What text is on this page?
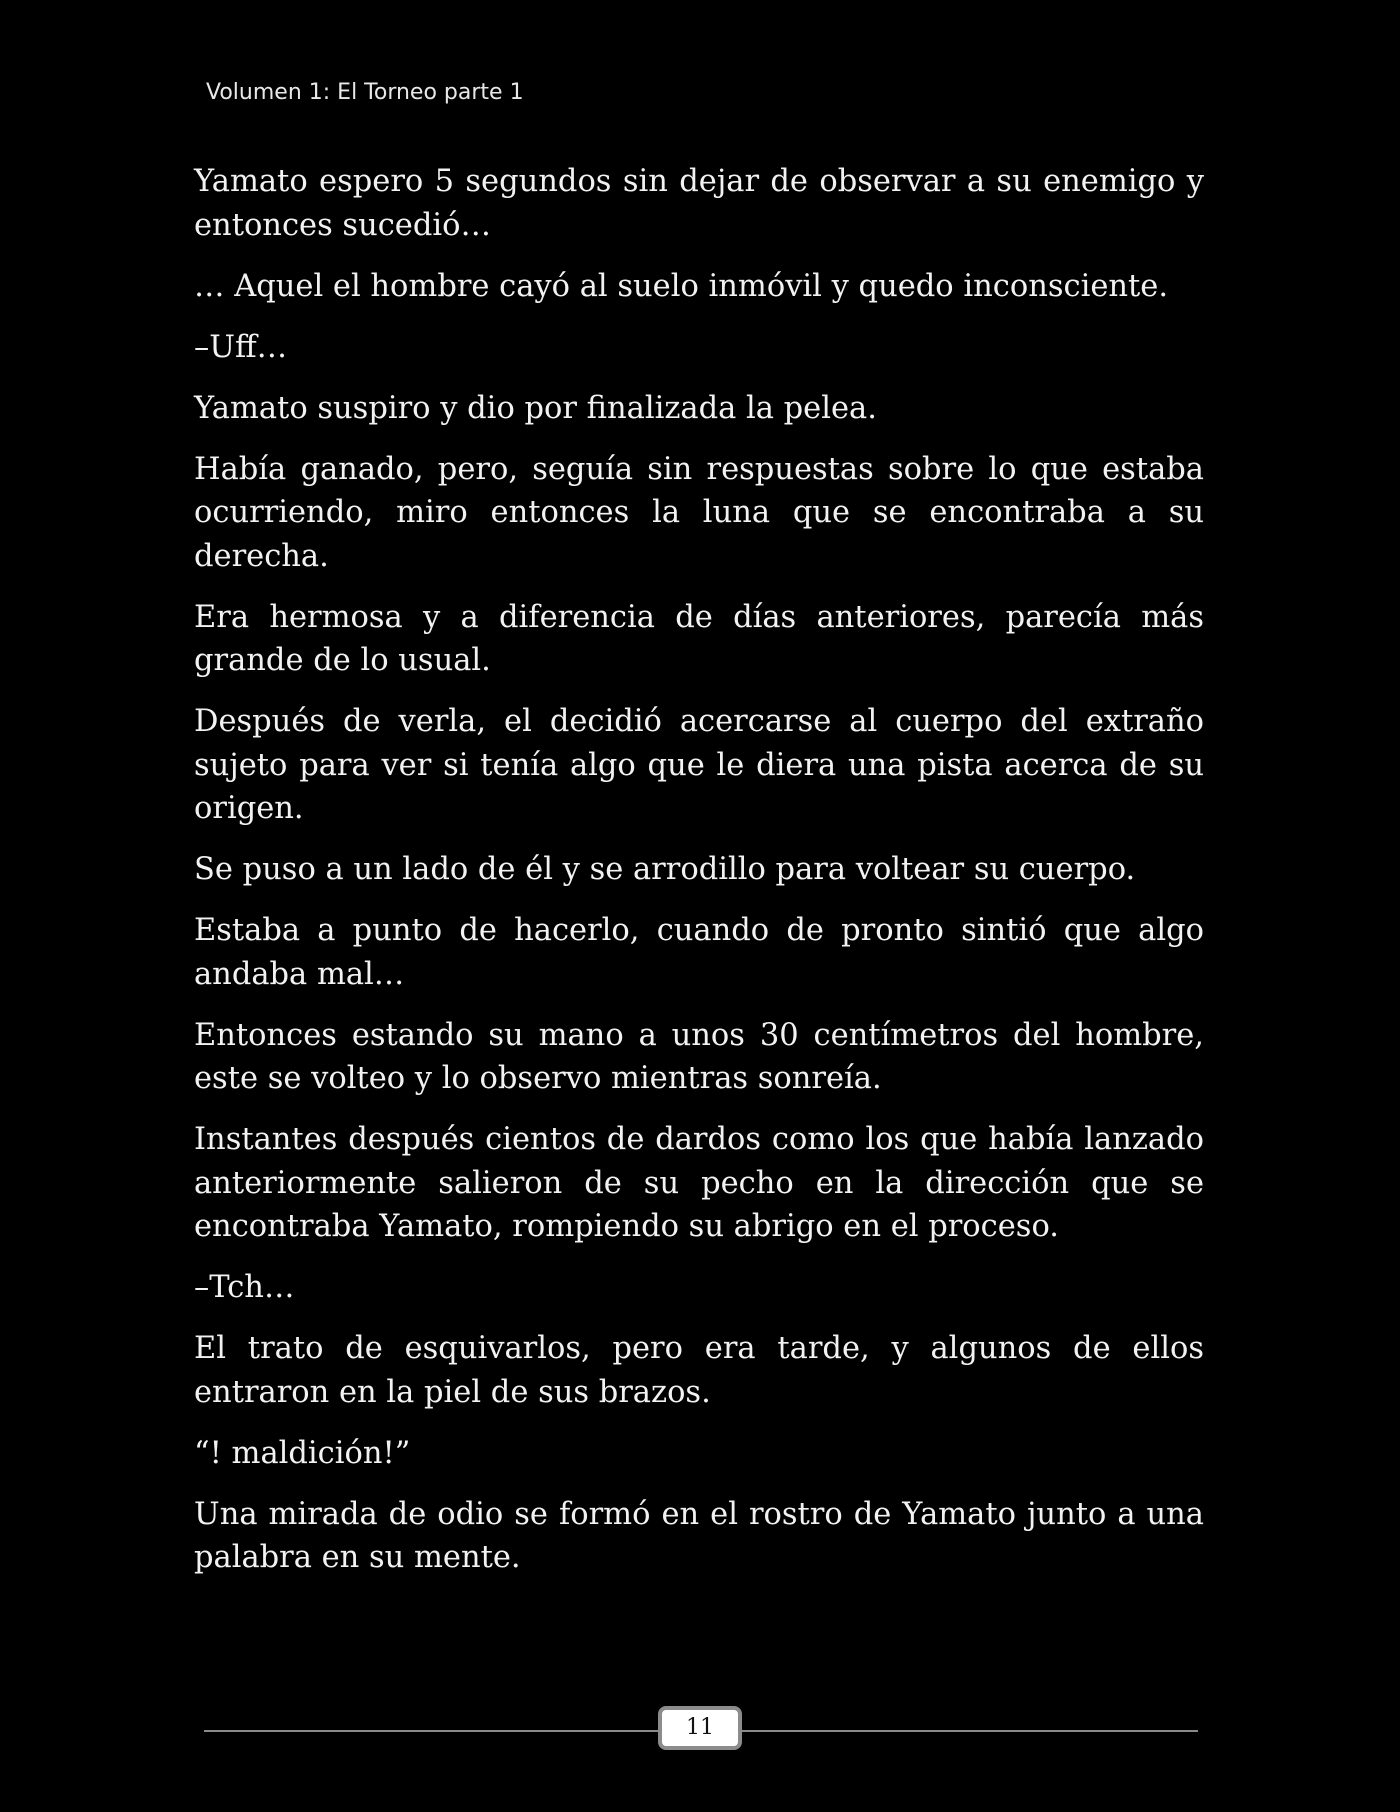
Volumen 1: El Torneo parte 1

Yamato espero 5 segundos sin dejar de observar a su enemigo y entonces sucedió…

… Aquel el hombre cayó al suelo inmóvil y quedo inconsciente.

–Uff…

Yamato suspiro y dio por finalizada la pelea.

Había ganado, pero, seguía sin respuestas sobre lo que estaba ocurriendo, miro entonces la luna que se encontraba a su derecha.

Era hermosa y a diferencia de días anteriores, parecía más grande de lo usual.

Después de verla, el decidió acercarse al cuerpo del extraño sujeto para ver si tenía algo que le diera una pista acerca de su origen.

Se puso a un lado de él y se arrodillo para voltear su cuerpo.

Estaba a punto de hacerlo, cuando de pronto sintió que algo andaba mal…

Entonces estando su mano a unos 30 centímetros del hombre, este se volteo y lo observo mientras sonreía.

Instantes después cientos de dardos como los que había lanzado anteriormente salieron de su pecho en la dirección que se encontraba Yamato, rompiendo su abrigo en el proceso.

–Tch…

El trato de esquivarlos, pero era tarde, y algunos de ellos entraron en la piel de sus brazos.

“! maldición!”

Una mirada de odio se formó en el rostro de Yamato junto a una palabra en su mente.

11
